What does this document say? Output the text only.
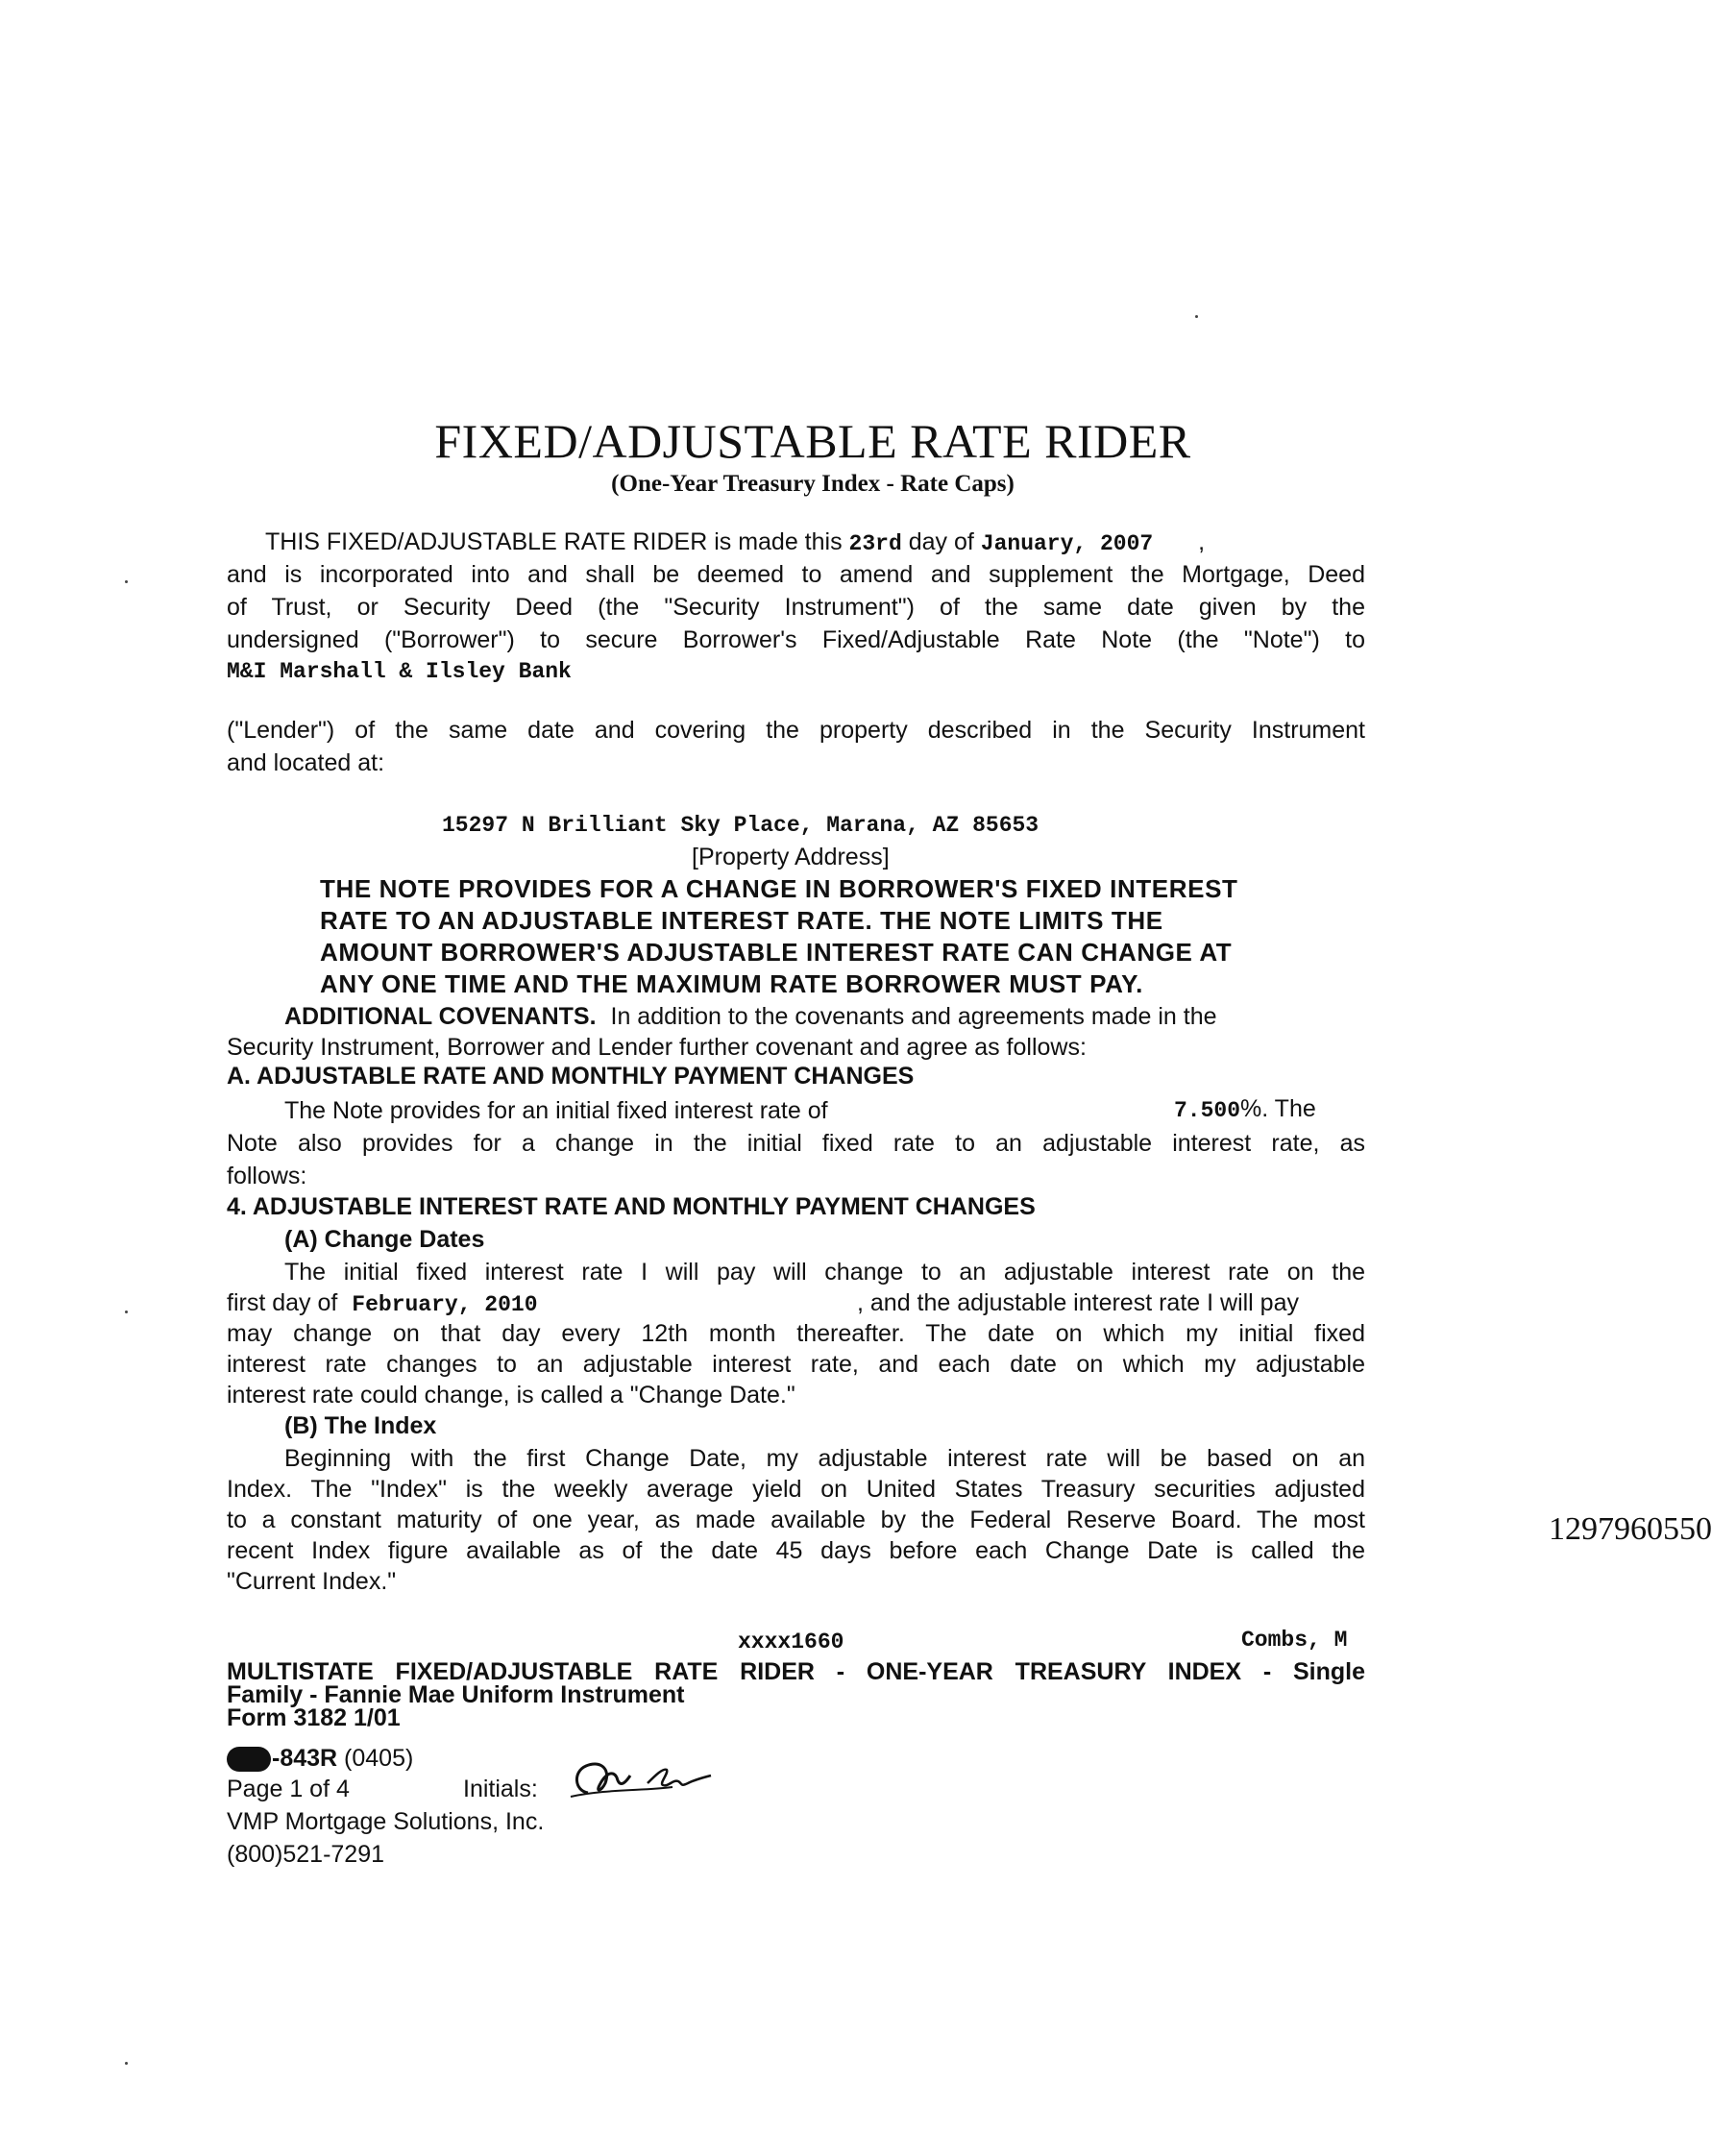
FIXED/ADJUSTABLE RATE RIDER
(One-Year Treasury Index - Rate Caps)
THIS FIXED/ADJUSTABLE RATE RIDER is made this 23rd day of January, 2007 ,
and is incorporated into and shall be deemed to amend and supplement the Mortgage, Deed
of Trust, or Security Deed (the "Security Instrument") of the same date given by the
undersigned ("Borrower") to secure Borrower's Fixed/Adjustable Rate Note (the "Note") to
M&I Marshall & Ilsley Bank
("Lender") of the same date and covering the property described in the Security Instrument
and located at:
15297 N Brilliant Sky Place, Marana, AZ 85653
[Property Address]
THE NOTE PROVIDES FOR A CHANGE IN BORROWER'S FIXED INTEREST
RATE TO AN ADJUSTABLE INTEREST RATE. THE NOTE LIMITS THE
AMOUNT BORROWER'S ADJUSTABLE INTEREST RATE CAN CHANGE AT
ANY ONE TIME AND THE MAXIMUM RATE BORROWER MUST PAY.
ADDITIONAL COVENANTS. In addition to the covenants and agreements made in the
Security Instrument, Borrower and Lender further covenant and agree as follows:
A. ADJUSTABLE RATE AND MONTHLY PAYMENT CHANGES
The Note provides for an initial fixed interest rate of	7.500%. The
Note also provides for a change in the initial fixed rate to an adjustable interest rate, as
follows:
4. ADJUSTABLE INTEREST RATE AND MONTHLY PAYMENT CHANGES
(A) Change Dates
The initial fixed interest rate I will pay will change to an adjustable interest rate on the
first day of February, 2010	, and the adjustable interest rate I will pay
may change on that day every 12th month thereafter. The date on which my initial fixed
interest rate changes to an adjustable interest rate, and each date on which my adjustable
interest rate could change, is called a "Change Date."
(B) The Index
Beginning with the first Change Date, my adjustable interest rate will be based on an
Index. The "Index" is the weekly average yield on United States Treasury securities adjusted
to a constant maturity of one year, as made available by the Federal Reserve Board. The most
recent Index figure available as of the date 45 days before each Change Date is called the
"Current Index."
xxxx1660	Combs, M
MULTISTATE FIXED/ADJUSTABLE RATE RIDER - ONE-YEAR TREASURY INDEX - Single
Family - Fannie Mae Uniform Instrument
Form 3182 1/01
-843R (0405)
Page 1 of 4	Initials:
VMP Mortgage Solutions, Inc.
(800)521-7291
1297960550
